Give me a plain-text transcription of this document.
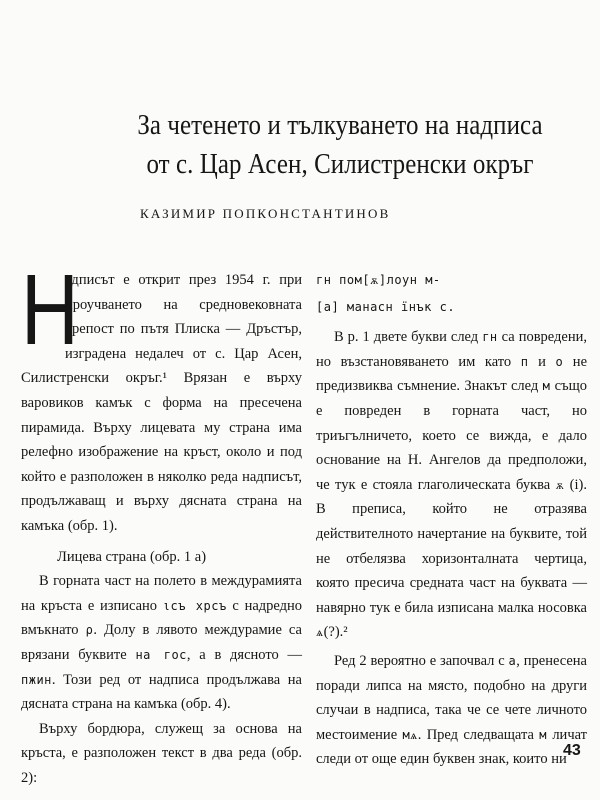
За четенето и тълкуването на надписа
от с. Цар Асен, Силистренски окръг
КАЗИМИР ПОПКОНСТАНТИНОВ

Н
адписът е открит през 1954 г. при проучването на средновековната крепост по пътя Плиска — Дръстър, изградена недалеч от с. Цар Асен, Силистренски окръг.¹ Врязан е върху варовиков камък с форма на пресечена пирамида. Върху лицевата му страна има релефно изображение на кръст, около и под който е разположен в няколко реда надписът, продължаващ и върху дясната страна на камъка (обр. 1).

Лицева страна (обр. 1 а)

В горната част на полето в междурамията на кръста е изписано ιсъ хрсъ с надредно вмъкнато ρ. Долу в лявото междурамие са врязани буквите на гос, а в дясното — пжин. Този ред от надписа продължава на дясната страна на камъка (обр. 4).

Върху бордюра, служещ за основа на кръста, е разположен текст в два реда (обр. 2):

гн пом[ѫ]лоун м-

[а] манасн їнък с.

В р. 1 двете букви след гн са повредени, но възстановяването им като п и о не предизвиква съмнение. Знакът след м също е повреден в горната част, но триъгълничето, което се вижда, е дало основание на Н. Ангелов да предположи, че тук е стояла глаголическата буква ѫ (i). В преписа, който не отразява действителното начертание на буквите, той не отбелязва хоризонталната чертица, която пресича средната част на буквата — навярно тук е била изписана малка носовка ѧ(?).²

Ред 2 вероятно е започвал с а, пренесена поради липса на място, подобно на други случаи в надписа, така че се чете личното местоимение мѧ. Пред следващата м личат следи от още един буквен знак, които ни

43
